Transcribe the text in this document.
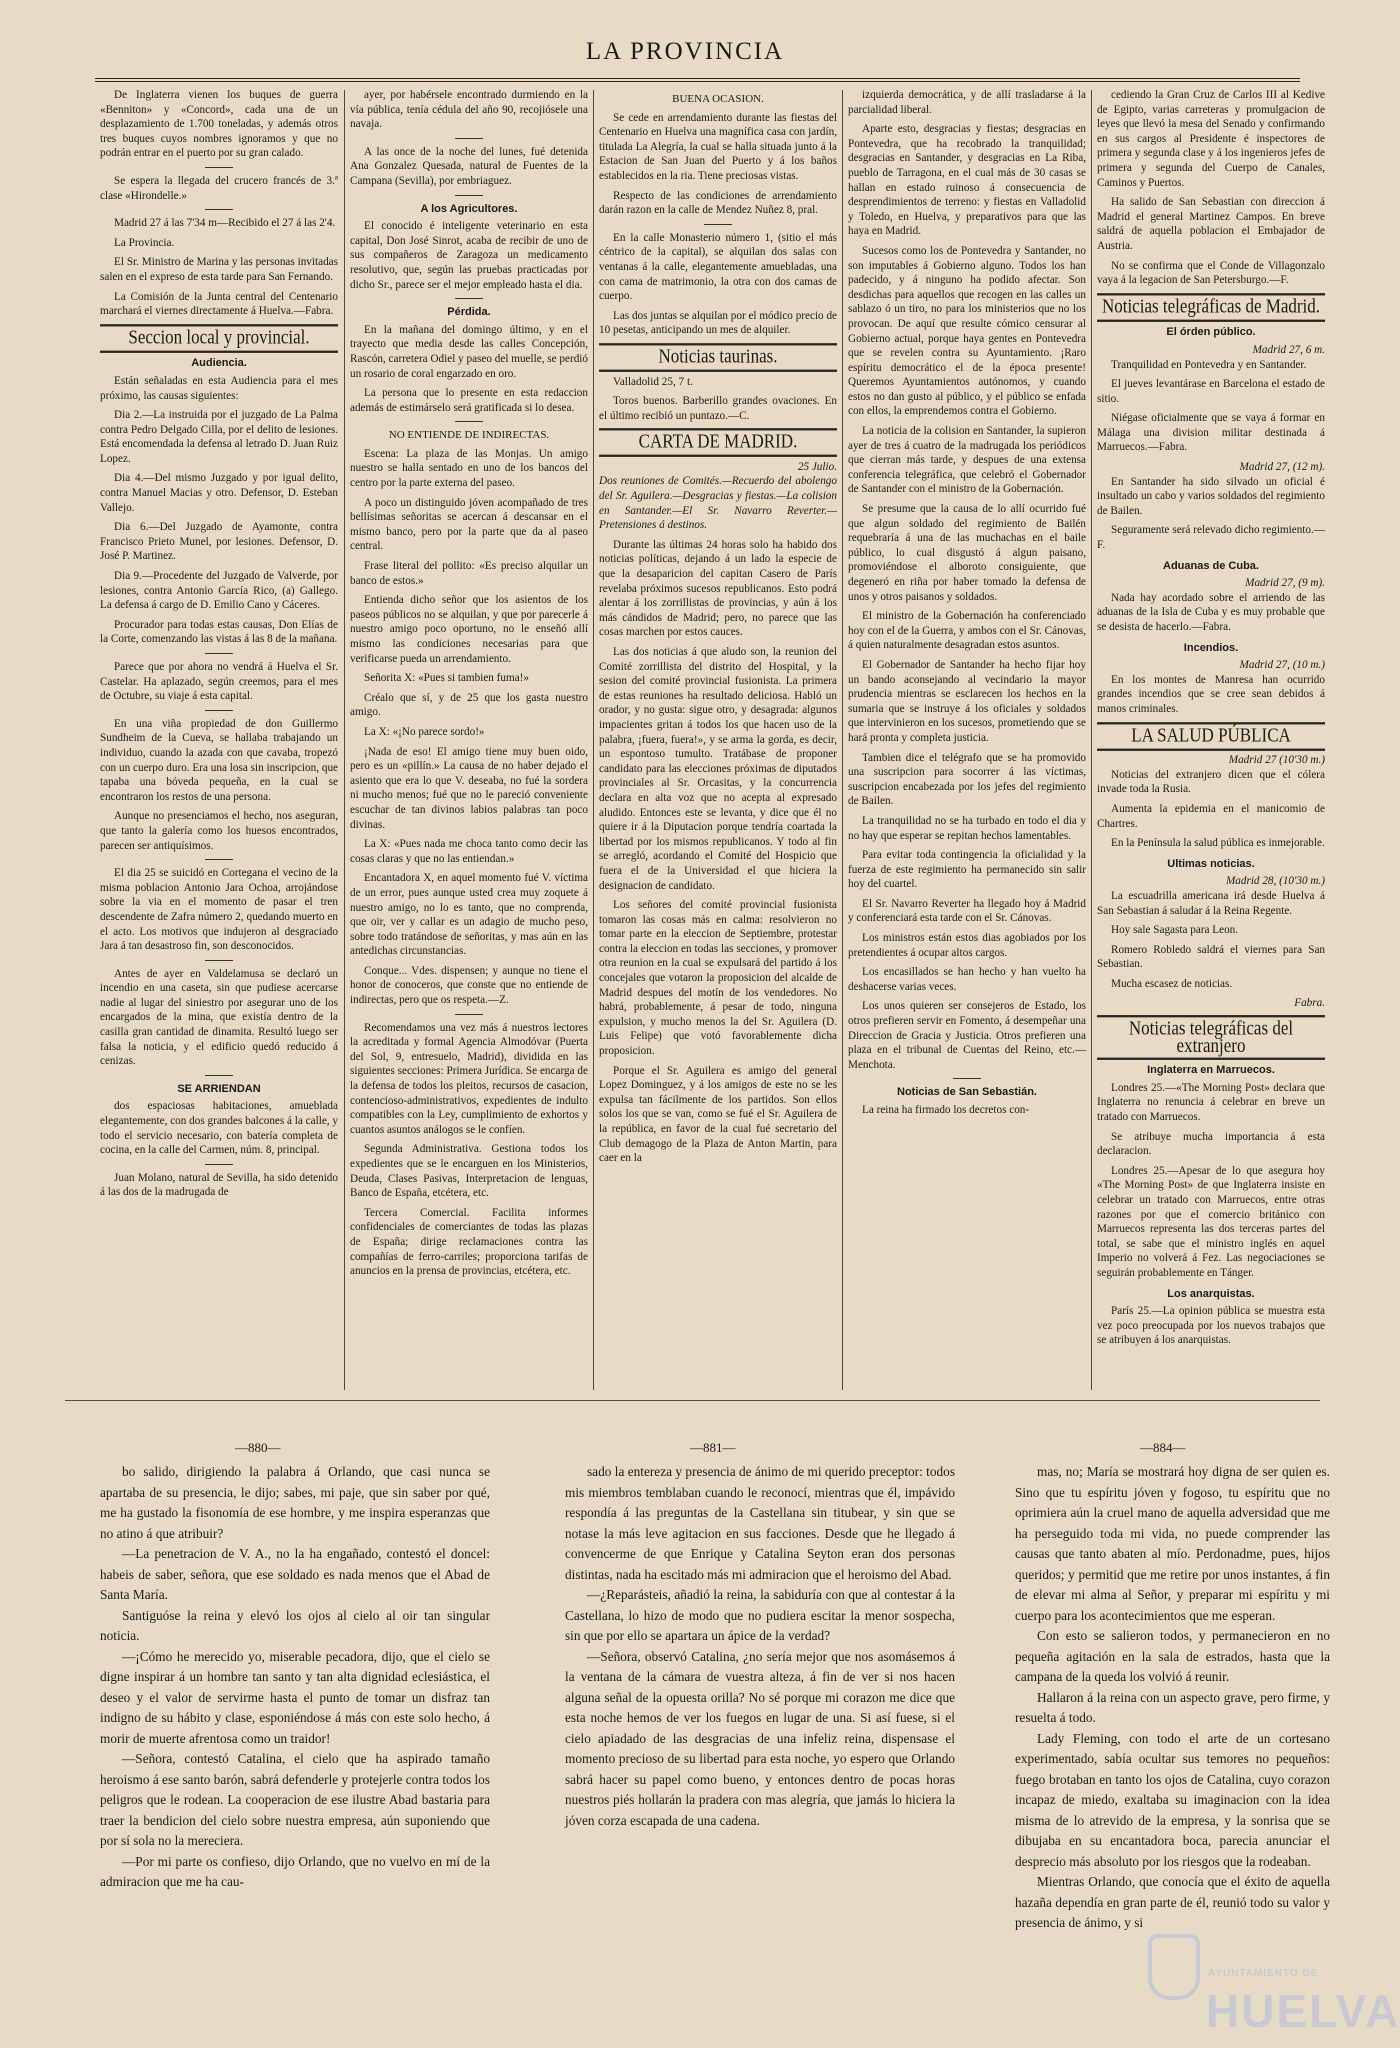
LA PROVINCIA

De Inglaterra vienen los buques de guerra «Benniton» y «Concord», cada una de un desplazamiento de 1.700 toneladas, y además otros tres buques cuyos nombres ignoramos y que no podrán entrar en el puerto por su gran calado.

Se espera la llegada del crucero francés de 3.ª clase «Hirondelle.»

Madrid 27 á las 7'34 m—Recibido el 27 á las 2'4.

La Provincia.

El Sr. Ministro de Marina y las personas invitadas salen en el expreso de esta tarde para San Fernando.

La Comisión de la Junta central del Centenario marchará el viernes directamente á Huelva.—Fabra.

Seccion local y provincial.
Audiencia.

Están señaladas en esta Audiencia para el mes próximo, las causas siguientes:

Dia 2.—La instruida por el juzgado de La Palma contra Pedro Delgado Cilla, por el delito de lesiones. Está encomendada la defensa al letrado D. Juan Ruiz Lopez.

Dia 4.—Del mismo Juzgado y por igual delito, contra Manuel Macias y otro. Defensor, D. Esteban Vallejo.

Dia 6.—Del Juzgado de Ayamonte, contra Francisco Prieto Munel, por lesiones. Defensor, D. José P. Martinez.

Dia 9.—Procedente del Juzgado de Valverde, por lesiones, contra Antonio García Rico, (a) Gallego. La defensa á cargo de D. Emilio Cano y Cáceres.

Procurador para todas estas causas, Don Elías de la Corte, comenzando las vistas á las 8 de la mañana.

Parece que por ahora no vendrá á Huelva el Sr. Castelar. Ha aplazado, según creemos, para el mes de Octubre, su viaje á esta capital.

En una viña propiedad de don Guillermo Sundheim de la Cueva, se hallaba trabajando un individuo, cuando la azada con que cavaba, tropezó con un cuerpo duro. Era una losa sin inscripcion, que tapaba una bóveda pequeña, en la cual se encontraron los restos de una persona.

Aunque no presenciamos el hecho, nos aseguran, que tanto la galería como los huesos encontrados, parecen ser antiquísimos.

El dia 25 se suicidó en Cortegana el vecino de la misma poblacion Antonio Jara Ochoa, arrojándose sobre la via en el momento de pasar el tren descendente de Zafra número 2, quedando muerto en el acto. Los motivos que indujeron al desgraciado Jara á tan desastroso fin, son desconocidos.

Antes de ayer en Valdelamusa se declaró un incendio en una caseta, sin que pudiese acercarse nadie al lugar del siniestro por asegurar uno de los encargados de la mina, que existía dentro de la casilla gran cantidad de dinamita. Resultó luego ser falsa la noticia, y el edificio quedó reducido á cenizas.

SE ARRIENDAN

dos espaciosas habitaciones, amueblada elegantemente, con dos grandes balcones á la calle, y todo el servicio necesario, con batería completa de cocina, en la calle del Carmen, núm. 8, principal.

Juan Molano, natural de Sevilla, ha sido detenido á las dos de la madrugada de

ayer, por habérsele encontrado durmiendo en la vía pública, tenía cédula del año 90, recojiósele una navaja.

A las once de la noche del lunes, fué detenida Ana Gonzalez Quesada, natural de Fuentes de la Campana (Sevilla), por embriaguez.

A los Agricultores.

El conocido é inteligente veterinario en esta capital, Don José Sinrot, acaba de recibir de uno de sus compañeros de Zaragoza un medicamento resolutivo, que, según las pruebas practicadas por dicho Sr., parece ser el mejor empleado hasta el dia.

Pérdida.

En la mañana del domingo último, y en el trayecto que media desde las calles Concepción, Rascón, carretera Odiel y paseo del muelle, se perdió un rosario de coral engarzado en oro.

La persona que lo presente en esta redaccion además de estimárselo será gratificada si lo desea.

NO ENTIENDE DE INDIRECTAS.

Escena: La plaza de las Monjas. Un amigo nuestro se halla sentado en uno de los bancos del centro por la parte externa del paseo.

A poco un distinguido jóven acompañado de tres bellísimas señoritas se acercan á descansar en el mismo banco, pero por la parte que da al paseo central.

Frase literal del pollito: «Es preciso alquilar un banco de estos.»

Entienda dicho señor que los asientos de los paseos públicos no se alquilan, y que por parecerle á nuestro amigo poco oportuno, no le enseñó allí mismo las condiciones necesarias para que verificarse pueda un arrendamiento.

Señorita X: «Pues si tambien fuma!»

Créalo que sí, y de 25 que los gasta nuestro amigo.

La X: «¡No parece sordo!»

¡Nada de eso! El amigo tiene muy buen oido, pero es un «pillín.» La causa de no haber dejado el asiento que era lo que V. deseaba, no fué la sordera ni mucho menos; fué que no le pareció conveniente escuchar de tan divinos labios palabras tan poco divinas.

La X: «Pues nada me choca tanto como decir las cosas claras y que no las entiendan.»

Encantadora X, en aquel momento fué V. víctima de un error, pues aunque usted crea muy zoquete á nuestro amigo, no lo es tanto, que no comprenda, que oir, ver y callar es un adagio de mucho peso, sobre todo tratándose de señoritas, y mas aún en las antedichas circunstancias.

Conque... Vdes. dispensen; y aunque no tiene el honor de conoceros, que conste que no entiende de indirectas, pero que os respeta.—Z.

Recomendamos una vez más á nuestros lectores la acreditada y formal Agencia Almodóvar (Puerta del Sol, 9, entresuelo, Madrid), dividida en las siguientes secciones: Primera Jurídica. Se encarga de la defensa de todos los pleitos, recursos de casacion, contencioso-administrativos, expedientes de indulto compatibles con la Ley, cumplimiento de exhortos y cuantos asuntos análogos se le confíen.

Segunda Administrativa. Gestiona todos los expedientes que se le encarguen en los Ministerios, Deuda, Clases Pasivas, Interpretacion de lenguas, Banco de España, etcétera, etc.

Tercera Comercial. Facilita informes confidenciales de comerciantes de todas las plazas de España; dirige reclamaciones contra las compañías de ferro-carriles; proporciona tarifas de anuncios en la prensa de provincias, etcétera, etc.

BUENA OCASION.

Se cede en arrendamiento durante las fiestas del Centenario en Huelva una magnífica casa con jardín, titulada La Alegría, la cual se halla situada junto á la Estacion de San Juan del Puerto y á los baños establecidos en la ria. Tiene preciosas vistas.

Respecto de las condiciones de arrendamiento darán razon en la calle de Mendez Nuñez 8, pral.

En la calle Monasterio número 1, (sitio el más céntrico de la capital), se alquilan dos salas con ventanas á la calle, elegantemente amuebladas, una con cama de matrimonio, la otra con dos camas de cuerpo.

Las dos juntas se alquilan por el módico precio de 10 pesetas, anticipando un mes de alquiler.

Noticias taurinas.

Valladolid 25, 7 t.

Toros buenos. Barberillo grandes ovaciones. En el último recibió un puntazo.—C.

CARTA DE MADRID.
25 Julio.
Dos reuniones de Comités.—Recuerdo del abolengo del Sr. Aguilera.—Desgracias y fiestas.—La colision en Santander.—El Sr. Navarro Reverter.—Pretensiones á destinos.

Durante las últimas 24 horas solo ha habido dos noticias políticas, dejando á un lado la especie de que la desaparicion del capitan Casero de París revelaba próximos sucesos republicanos. Esto podrá alentar á los zorrillistas de provincias, y aún á los más cándidos de Madrid; pero, no parece que las cosas marchen por estos cauces.

Las dos noticias á que aludo son, la reunion del Comité zorrillista del distrito del Hospital, y la sesion del comité provincial fusionista. La primera de estas reuniones ha resultado deliciosa. Habló un orador, y no gusta: sigue otro, y desagrada: algunos impacientes gritan á todos los que hacen uso de la palabra, ¡fuera, fuera!», y se arma la gorda, es decir, un espontoso tumulto. Tratábase de proponer candidato para las elecciones próximas de diputados provinciales al Sr. Orcasitas, y la concurrencia declara en alta voz que no acepta al expresado aludido. Entonces este se levanta, y dice que él no quiere ir á la Diputacion porque tendría coartada la libertad por los mismos republicanos. Y todo al fin se arregló, acordando el Comité del Hospicio que fuera el de la Universidad el que hiciera la designacion de candidato.

Los señores del comité provincial fusionista tomaron las cosas más en calma: resolvieron no tomar parte en la eleccion de Septiembre, protestar contra la eleccion en todas las secciones, y promover otra reunion en la cual se expulsará del partido á los concejales que votaron la proposicion del alcalde de Madrid despues del motín de los vendedores. No habrá, probablemente, á pesar de todo, ninguna expulsion, y mucho menos la del Sr. Aguilera (D. Luis Felipe) que votó favorablemente dicha proposicion.

Porque el Sr. Aguilera es amigo del general Lopez Dominguez, y á los amigos de este no se les expulsa tan fácilmente de los partidos. Son ellos solos los que se van, como se fué el Sr. Aguilera de la república, en favor de la cual fué secretario del Club demagogo de la Plaza de Anton Martin, para caer en la

izquierda democrática, y de allí trasladarse á la parcialidad liberal.

Aparte esto, desgracias y fiestas; desgracias en Pontevedra, que ha recobrado la tranquilidad; desgracias en Santander, y desgracias en La Riba, pueblo de Tarragona, en el cual más de 30 casas se hallan en estado ruinoso á consecuencia de desprendimientos de terreno: y fiestas en Valladolid y Toledo, en Huelva, y preparativos para que las haya en Madrid.

Sucesos como los de Pontevedra y Santander, no son imputables á Gobierno alguno. Todos los han padecido, y á ninguno ha podido afectar. Son desdichas para aquellos que recogen en las calles un sablazo ó un tiro, no para los ministerios que no los provocan. De aquí que resulte cómico censurar al Gobierno actual, porque haya gentes en Pontevedra que se revelen contra su Ayuntamiento. ¡Raro espíritu democrático el de la época presente! Queremos Ayuntamientos autónomos, y cuando estos no dan gusto al público, y el público se enfada con ellos, la emprendemos contra el Gobierno.

La noticia de la colision en Santander, la supieron ayer de tres á cuatro de la madrugada los periódicos que cierran más tarde, y despues de una extensa conferencia telegráfica, que celebró el Gobernador de Santander con el ministro de la Gobernación.

Se presume que la causa de lo allí ocurrido fué que algun soldado del regimiento de Bailén requebraría á una de las muchachas en el baile público, lo cual disgustó á algun paisano, promoviéndose el alboroto consiguiente, que degeneró en riña por haber tomado la defensa de unos y otros paisanos y soldados.

El ministro de la Gobernación ha conferenciado hoy con el de la Guerra, y ambos con el Sr. Cánovas, á quien naturalmente desagradan estos asuntos.

El Gobernador de Santander ha hecho fijar hoy un bando aconsejando al vecindario la mayor prudencia mientras se esclarecen los hechos en la sumaria que se instruye á los oficiales y soldados que intervinieron en los sucesos, prometiendo que se hará pronta y completa justicia.

Tambien dice el telégrafo que se ha promovido una suscripcion para socorrer á las víctimas, suscripcion encabezada por los jefes del regimiento de Bailen.

La tranquilidad no se ha turbado en todo el dia y no hay que esperar se repitan hechos lamentables.

Para evitar toda contingencia la oficialidad y la fuerza de este regimiento ha permanecido sin salir hoy del cuartel.

El Sr. Navarro Reverter ha llegado hoy á Madrid y conferenciará esta tarde con el Sr. Cánovas.

Los ministros están estos dias agobiados por los pretendientes á ocupar altos cargos.

Los encasillados se han hecho y han vuelto ha deshacerse varias veces.

Los unos quieren ser consejeros de Estado, los otros prefieren servir en Fomento, á desempeñar una Direccion de Gracia y Justicia. Otros prefieren una plaza en el tribunal de Cuentas del Reino, etc.—Menchota.

Noticias de San Sebastián.

La reina ha firmado los decretos con-

cediendo la Gran Cruz de Carlos III al Kedive de Egipto, varias carreteras y promulgacion de leyes que llevó la mesa del Senado y confirmando en sus cargos al Presidente é inspectores de primera y segunda clase y á los ingenieros jefes de primera y segunda del Cuerpo de Canales, Caminos y Puertos.

Ha salido de San Sebastian con direccion á Madrid el general Martinez Campos. En breve saldrá de aquella poblacion el Embajador de Austria.

No se confirma que el Conde de Villagonzalo vaya á la legacion de San Petersburgo.—F.

Noticias telegráficas de Madrid.
El órden público.
Madrid 27, 6 m.

Tranquilidad en Pontevedra y en Santander.

El jueves levantárase en Barcelona el estado de sitio.

Niégase oficialmente que se vaya á formar en Málaga una division militar destinada á Marruecos.—Fabra.

Madrid 27, (12 m).

En Santander ha sido silvado un oficial é insultado un cabo y varios soldados del regimiento de Bailen.

Seguramente será relevado dicho regimiento.—F.

Aduanas de Cuba.
Madrid 27, (9 m).

Nada hay acordado sobre el arriendo de las aduanas de la Isla de Cuba y es muy probable que se desista de hacerlo.—Fabra.

Incendios.
Madrid 27, (10 m.)

En los montes de Manresa han ocurrido grandes incendios que se cree sean debidos á manos criminales.

LA SALUD PÚBLICA
Madrid 27 (10'30 m.)

Noticias del extranjero dicen que el cólera invade toda la Rusia.

Aumenta la epidemia en el manicomio de Chartres.

En la Península la salud pública es inmejorable.

Ultimas noticias.
Madrid 28, (10'30 m.)

La escuadrilla americana irá desde Huelva á San Sebastian á saludar á la Reina Regente.

Hoy sale Sagasta para Leon.

Romero Robledo saldrá el viernes para San Sebastian.

Mucha escasez de noticias.

Fabra.
Noticias telegráficas del extranjero
Inglaterra en Marruecos.

Londres 25.—«The Morning Post» declara que Inglaterra no renuncia á celebrar en breve un tratado con Marruecos.

Se atribuye mucha importancia á esta declaracion.

Londres 25.—Apesar de lo que asegura hoy «The Morning Post» de que Inglaterra insiste en celebrar un tratado con Marruecos, entre otras razones por que el comercio británico con Marruecos representa las dos terceras partes del total, se sabe que el ministro inglés en aquel Imperio no volverá á Fez. Las negociaciones se seguirán probablemente en Tánger.

Los anarquistas.

París 25.—La opinion pública se muestra esta vez poco preocupada por los nuevos trabajos que se atribuyen á los anarquistas.

—880—	—881—	—884—

bo salido, dirigiendo la palabra á Orlando, que casi nunca se apartaba de su presencia, le dijo; sabes, mi paje, que sin saber por qué, me ha gustado la fisonomía de ese hombre, y me inspira esperanzas que no atino á que atribuir?

—La penetracion de V. A., no la ha engañado, contestó el doncel: habeis de saber, señora, que ese soldado es nada menos que el Abad de Santa María.

Santiguóse la reina y elevó los ojos al cielo al oir tan singular noticia.

—¡Cómo he merecido yo, miserable pecadora, dijo, que el cielo se digne inspirar á un hombre tan santo y tan alta dignidad eclesiástica, el deseo y el valor de servirme hasta el punto de tomar un disfraz tan indigno de su hábito y clase, esponiéndose á más con este solo hecho, á morir de muerte afrentosa como un traidor!

—Señora, contestó Catalina, el cielo que ha aspirado tamaño heroismo á ese santo barón, sabrá defenderle y protejerle contra todos los peligros que le rodean. La cooperacion de ese ilustre Abad bastaria para traer la bendicion del cielo sobre nuestra empresa, aún suponiendo que por sí sola no la mereciera.

—Por mi parte os confieso, dijo Orlando, que no vuelvo en mí de la admiracion que me ha cau-

sado la entereza y presencia de ánimo de mi querido preceptor: todos mis miembros temblaban cuando le reconocí, mientras que él, impávido respondía á las preguntas de la Castellana sin titubear, y sin que se notase la más leve agitacion en sus facciones. Desde que he llegado á convencerme de que Enrique y Catalina Seyton eran dos personas distintas, nada ha escitado más mi admiracion que el heroismo del Abad.

—¿Reparásteis, añadió la reina, la sabiduría con que al contestar á la Castellana, lo hizo de modo que no pudiera escitar la menor sospecha, sin que por ello se apartara un ápice de la verdad?

—Señora, observó Catalina, ¿no sería mejor que nos asomásemos á la ventana de la cámara de vuestra alteza, á fin de ver si nos hacen alguna señal de la opuesta orilla? No sé porque mi corazon me dice que esta noche hemos de ver los fuegos en lugar de una. Si así fuese, si el cielo apiadado de las desgracias de una infeliz reina, dispensase el momento precioso de su libertad para esta noche, yo espero que Orlando sabrá hacer su papel como bueno, y entonces dentro de pocas horas nuestros piés hollarán la pradera con mas alegría, que jamás lo hiciera la jóven corza escapada de una cadena.

mas, no; María se mostrará hoy digna de ser quien es. Sino que tu espíritu jóven y fogoso, tu espíritu que no oprimiera aún la cruel mano de aquella adversidad que me ha perseguido toda mi vida, no puede comprender las causas que tanto abaten al mío. Perdonadme, pues, hijos queridos; y permitid que me retire por unos instantes, á fin de elevar mi alma al Señor, y preparar mi espíritu y mi cuerpo para los acontecimientos que me esperan.

Con esto se salieron todos, y permanecieron en no pequeña agitación en la sala de estrados, hasta que la campana de la queda los volvió á reunir.

Hallaron á la reina con un aspecto grave, pero firme, y resuelta á todo.

Lady Fleming, con todo el arte de un cortesano experimentado, sabía ocultar sus temores no pequeños: fuego brotaban en tanto los ojos de Catalina, cuyo corazon incapaz de miedo, exaltaba su imaginacion con la idea misma de lo atrevido de la empresa, y la sonrisa que se dibujaba en su encantadora boca, parecia anunciar el desprecio más absoluto por los riesgos que la rodeaban.

Mientras Orlando, que conocía que el éxito de aquella hazaña dependía en gran parte de él, reunió todo su valor y presencia de ánimo, y si

AYUNTAMIENTO DE
HUELVA
